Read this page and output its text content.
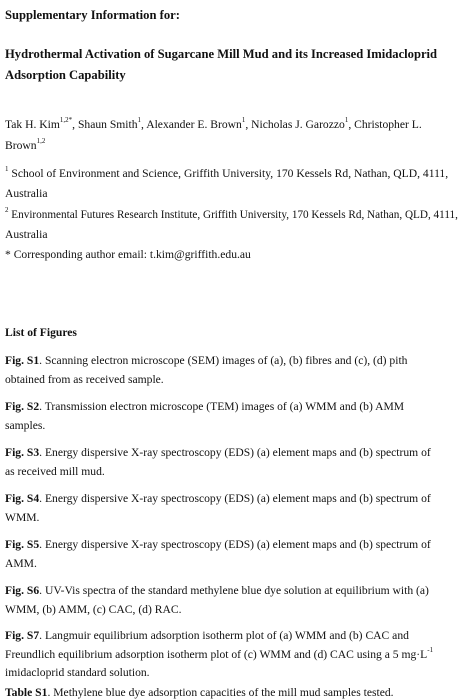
Supplementary Information for:
Hydrothermal Activation of Sugarcane Mill Mud and its Increased Imidacloprid
Adsorption Capability
Tak H. Kim$^{1,2*}$, Shaun Smith$^1$, Alexander E. Brown$^1$, Nicholas J. Garozzo$^1$, Christopher L.
Brown$^{1,2}$
$^1$ School of Environment and Science, Griffith University, 170 Kessels Rd, Nathan, QLD, 4111,
Australia
$^2$ Environmental Futures Research Institute, Griffith University, 170 Kessels Rd, Nathan, QLD, 4111,
Australia
* Corresponding author email: t.kim@griffith.edu.au
List of Figures
Fig. S1. Scanning electron microscope (SEM) images of (a), (b) fibres and (c), (d) pith
obtained from as received sample.
Fig. S2. Transmission electron microscope (TEM) images of (a) WMM and (b) AMM
samples.
Fig. S3. Energy dispersive X-ray spectroscopy (EDS) (a) element maps and (b) spectrum of
as received mill mud.
Fig. S4. Energy dispersive X-ray spectroscopy (EDS) (a) element maps and (b) spectrum of
WMM.
Fig. S5. Energy dispersive X-ray spectroscopy (EDS) (a) element maps and (b) spectrum of
AMM.
Fig. S6. UV-Vis spectra of the standard methylene blue dye solution at equilibrium with (a)
WMM, (b) AMM, (c) CAC, (d) RAC.
Fig. S7. Langmuir equilibrium adsorption isotherm plot of (a) WMM and (b) CAC and
Freundlich equilibrium adsorption isotherm plot of (c) WMM and (d) CAC using a 5 $mg\cdot L^{-1}$
imidacloprid standard solution.
Table S1. Methylene blue dye adsorption capacities of the mill mud samples tested.
